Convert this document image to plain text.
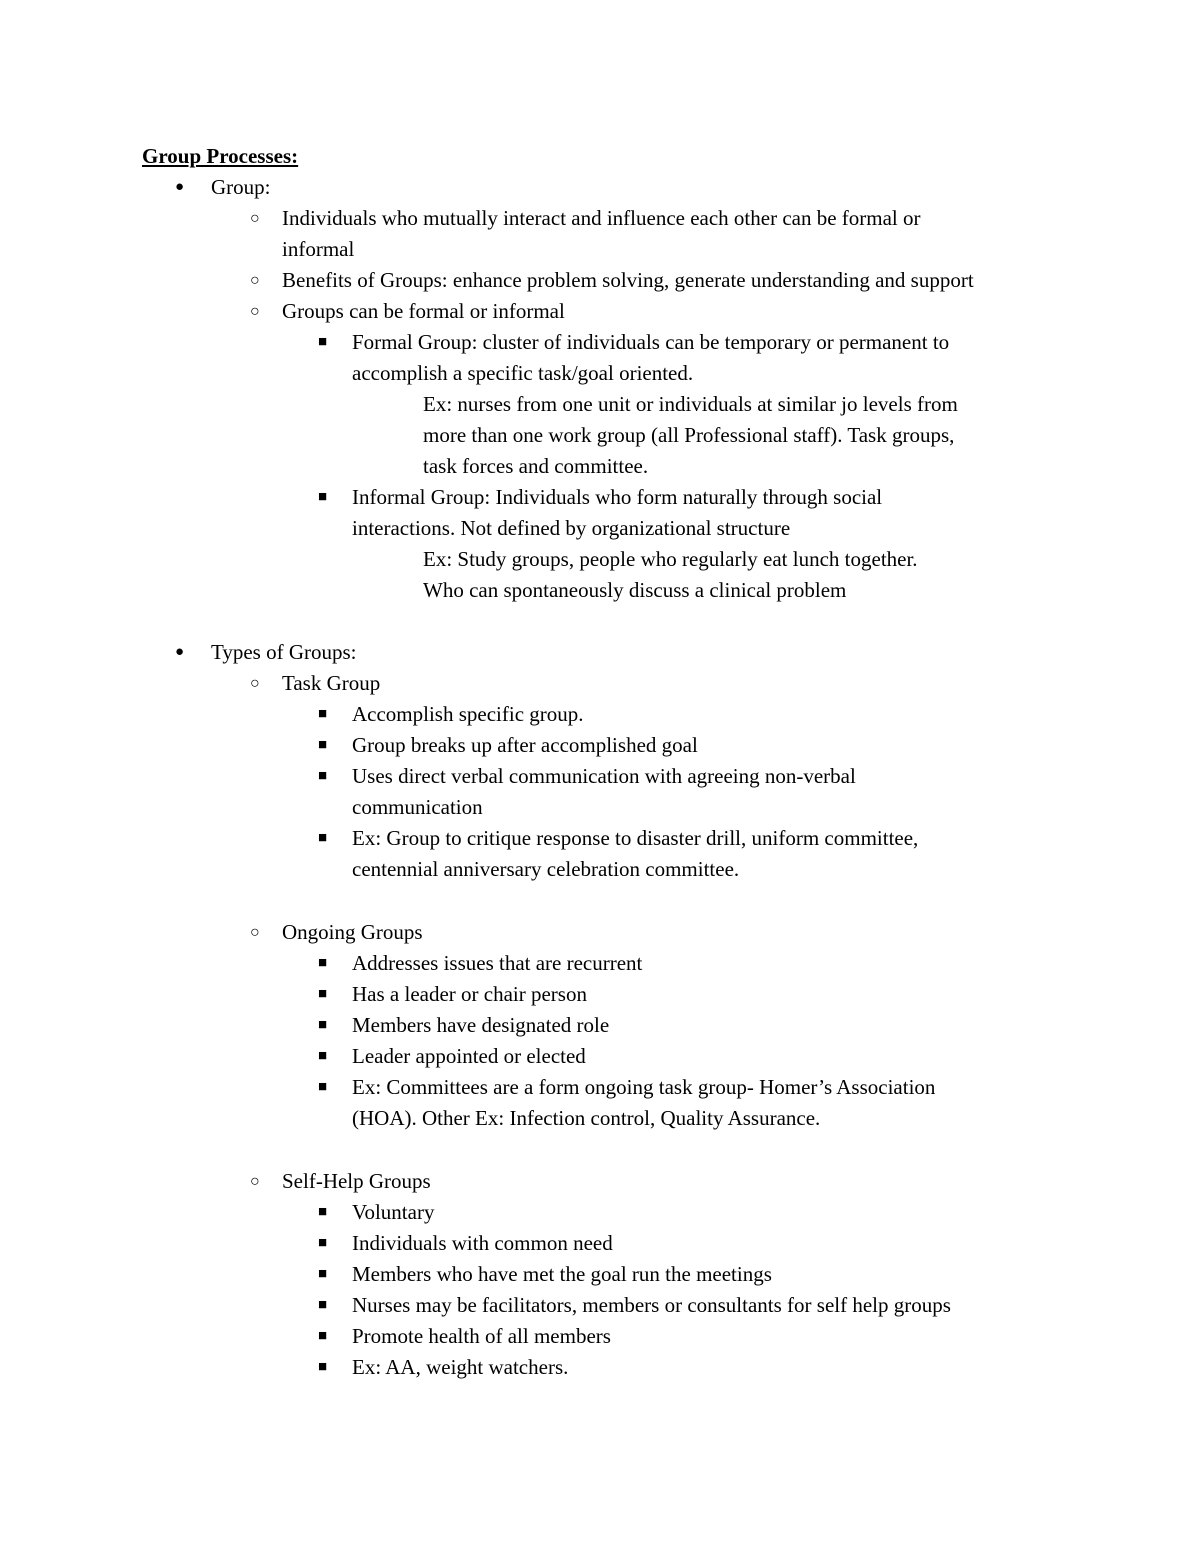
Group Processes:
● Group:
○ Individuals who mutually interact and influence each other can be formal or
informal
○ Benefits of Groups: enhance problem solving, generate understanding and support
○ Groups can be formal or informal
■ Formal Group: cluster of individuals can be temporary or permanent to
accomplish a specific task/goal oriented.
Ex: nurses from one unit or individuals at similar jo levels from
more than one work group (all Professional staff). Task groups,
task forces and committee.
■ Informal Group: Individuals who form naturally through social
interactions. Not defined by organizational structure
Ex: Study groups, people who regularly eat lunch together.
Who can spontaneously discuss a clinical problem
● Types of Groups:
○ Task Group
■ Accomplish specific group.
■ Group breaks up after accomplished goal
■ Uses direct verbal communication with agreeing non-verbal
communication
■ Ex: Group to critique response to disaster drill, uniform committee,
centennial anniversary celebration committee.
○ Ongoing Groups
■ Addresses issues that are recurrent
■ Has a leader or chair person
■ Members have designated role
■ Leader appointed or elected
■ Ex: Committees are a form ongoing task group- Homer’s Association
(HOA). Other Ex: Infection control, Quality Assurance.
○ Self-Help Groups
■ Voluntary
■ Individuals with common need
■ Members who have met the goal run the meetings
■ Nurses may be facilitators, members or consultants for self help groups
■ Promote health of all members
■ Ex: AA, weight watchers.
